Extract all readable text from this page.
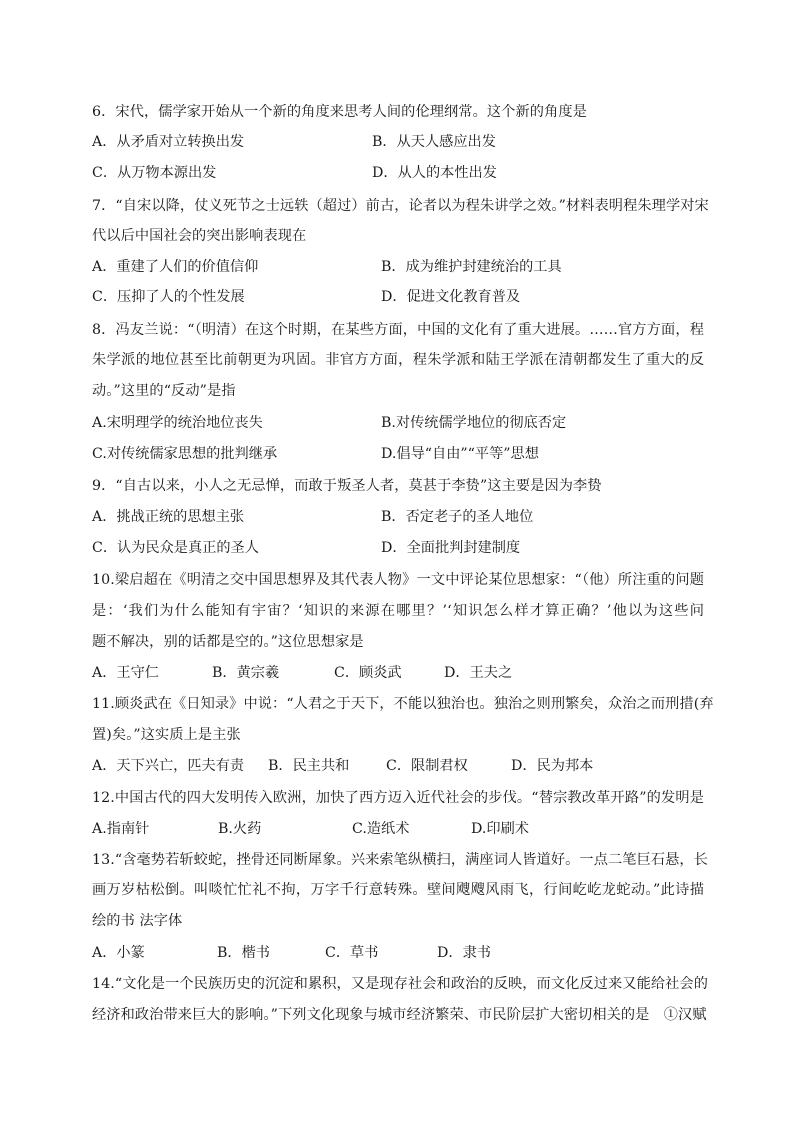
6．宋代，儒学家开始从一个新的角度来思考人间的伦理纲常。这个新的角度是
A．从矛盾对立转换出发	B．从天人感应出发
C．从万物本源出发	D．从人的本性出发
7．“自宋以降，仗义死节之士远轶（超过）前古，论者以为程朱讲学之效。”材料表明程朱理学对宋
代以后中国社会的突出影响表现在
A．重建了人们的价值信仰	B．成为维护封建统治的工具
C．压抑了人的个性发展	D．促进文化教育普及
8．冯友兰说：“（明清）在这个时期，在某些方面，中国的文化有了重大进展。……官方方面，程
朱学派的地位甚至比前朝更为巩固。非官方方面，程朱学派和陆王学派在清朝都发生了重大的反
动。”这里的“反动”是指
A.宋明理学的统治地位丧失	B.对传统儒学地位的彻底否定
C.对传统儒家思想的批判继承	D.倡导“自由”“平等”思想
9．“自古以来，小人之无忌惮，而敢于叛圣人者，莫甚于李贽”这主要是因为李贽
A．挑战正统的思想主张	B．否定老子的圣人地位
C．认为民众是真正的圣人	D．全面批判封建制度
10.梁启超在《明清之交中国思想界及其代表人物》一文中评论某位思想家：“（他）所注重的问题
是：‘我们为什么能知有宇宙？‘知识的来源在哪里？’‘知识怎么样才算正确？’他以为这些问
题不解决，别的话都是空的。”这位思想家是
A．王守仁	B．黄宗羲	C．顾炎武	D．王夫之
11.顾炎武在《日知录》中说：“人君之于天下，不能以独治也。独治之则刑繁矣，众治之而刑措(弃
置)矣。”这实质上是主张
A．天下兴亡，匹夫有责 B．民主共和	C．限制君权	D．民为邦本
12.中国古代的四大发明传入欧洲，加快了西方迈入近代社会的步伐。“替宗教改革开路”的发明是
A.指南针	B.火药	C.造纸术	D.印刷术
13.“含毫势若斩蛟蛇，挫骨还同断犀象。兴来索笔纵横扫，满座词人皆道好。一点二笔巨石悬，长
画万岁枯松倒。叫啖忙忙礼不拘，万字千行意转殊。壁间飕飕风雨飞，行间屹屹龙蛇动。”此诗描
绘的书 法字体
A．小篆	B．楷书	C．草书	D．隶书
14.“文化是一个民族历史的沉淀和累积，又是现存社会和政治的反映，而文化反过来又能给社会的
经济和政治带来巨大的影响。”下列文化现象与城市经济繁荣、市民阶层扩大密切相关的是　①汉赋
